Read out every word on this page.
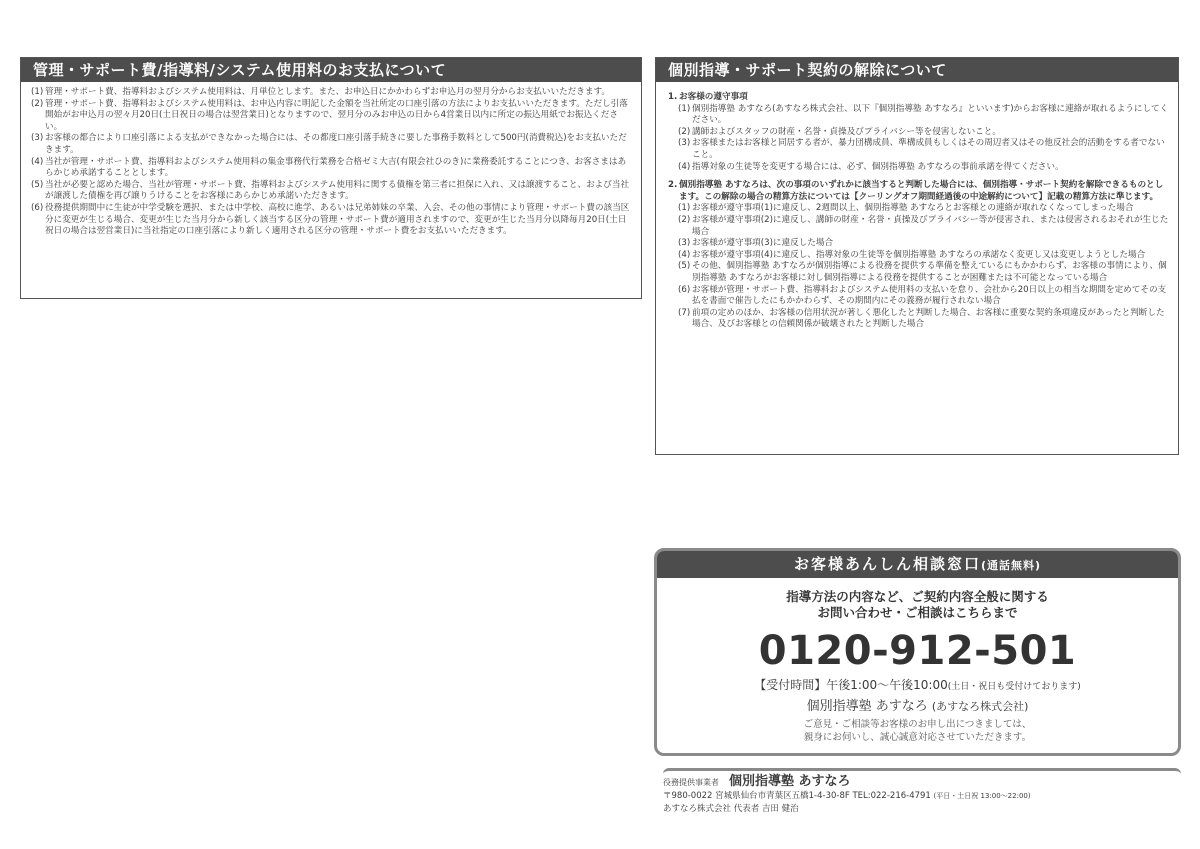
管理・サポート費/指導料/システム使用料のお支払について
(1) 管理・サポート費、指導料およびシステム使用料は、月単位とします。また、お申込日にかかわらずお申込月の翌月分からお支払いいただきます。
(2) 管理・サポート費、指導料およびシステム使用料は、お申込内容に明記した金額を当社所定の口座引落の方法によりお支払いいただきます。ただし引落開始がお申込月の翌々月20日(土日祝日の場合は翌営業日)となりますので、翌月分のみお申込の日から4営業日以内に所定の振込用紙でお振込ください。
(3) お客様の都合により口座引落による支払ができなかった場合には、その都度口座引落手続きに要した事務手数料として500円(消費税込)をお支払いただきます。
(4) 当社が管理・サポート費、指導料およびシステム使用料の集金事務代行業務を合格ゼミ大吉(有限会社ひのき)に業務委託することにつき、お客さまはあらかじめ承諾することとします。
(5) 当社が必要と認めた場合、当社が管理・サポート費、指導料およびシステム使用料に関する債権を第三者に担保に入れ、又は譲渡すること、および当社が譲渡した債権を再び譲りうけることをお客様にあらかじめ承諾いただきます。
(6) 役務提供期間中に生徒が中学受験を選択、または中学校、高校に進学、あるいは兄弟姉妹の卒業、入会、その他の事情により管理・サポート費の該当区分に変更が生じる場合、変更が生じた当月分から新しく該当する区分の管理・サポート費が適用されますので、変更が生じた当月分以降毎月20日(土日祝日の場合は翌営業日)に当社指定の口座引落により新しく適用される区分の管理・サポート費をお支払いいただきます。
個別指導・サポート契約の解除について
1. お客様の遵守事項
(1) 個別指導塾 あすなろ(あすなろ株式会社、以下『個別指導塾 あすなろ』といいます)からお客様に連絡が取れるようにしてください。
(2) 講師およびスタッフの財産・名誉・貞操及びプライバシー等を侵害しないこと。
(3) お客様またはお客様と同居する者が、暴力団構成員、準構成員もしくはその周辺者又はその他反社会的活動をする者でないこと。
(4) 指導対象の生徒等を変更する場合には、必ず、個別指導塾 あすなろの事前承諾を得てください。
2. 個別指導塾 あすなろは、次の事項のいずれかに該当すると判断した場合には、個別指導・サポート契約を解除できるものとします。この解除の場合の精算方法については【クーリングオフ期間経過後の中途解約について】記載の精算方法に準じます。
(1) お客様が遵守事項(1)に違反し、2週間以上、個別指導塾 あすなろとお客様との連絡が取れなくなってしまった場合
(2) お客様が遵守事項(2)に違反し、講師の財産・名誉・貞操及びプライバシー等が侵害され、または侵害されるおそれが生じた場合
(3) お客様が遵守事項(3)に違反した場合
(4) お客様が遵守事項(4)に違反し、指導対象の生徒等を個別指導塾 あすなろの承諾なく変更し又は変更しようとした場合
(5) その他、個別指導塾 あすなろが個別指導による役務を提供する準備を整えているにもかかわらず、お客様の事情により、個別指導塾 あすなろがお客様に対し個別指導による役務を提供することが困難または不可能となっている場合
(6) お客様が管理・サポート費、指導料およびシステム使用料の支払いを怠り、会社から20日以上の相当な期間を定めてその支払を書面で催告したにもかかわらず、その期間内にその義務が履行されない場合
(7) 前項の定めのほか、お客様の信用状況が著しく悪化したと判断した場合、お客様に重要な契約条項違反があったと判断した場合、及びお客様との信頼関係が破壊されたと判断した場合
お客様あんしん相談窓口(通話無料)
指導方法の内容など、ご契約内容全般に関する
お問い合わせ・ご相談はこちらまで
0120-912-501
【受付時間】午後1:00〜午後10:00(土日・祝日も受付けております)
個別指導塾 あすなろ (あすなろ株式会社)
ご意見・ご相談等お客様のお申し出につきましては、
親身にお伺いし、誠心誠意対応させていただきます。
役務提供事業者 個別指導塾 あすなろ
〒980-0022 宮城県仙台市青葉区五橋1-4-30-8F TEL:022-216-4791 (平日・土日祝 13:00〜22:00)
あすなろ株式会社 代表者 吉田 健治
